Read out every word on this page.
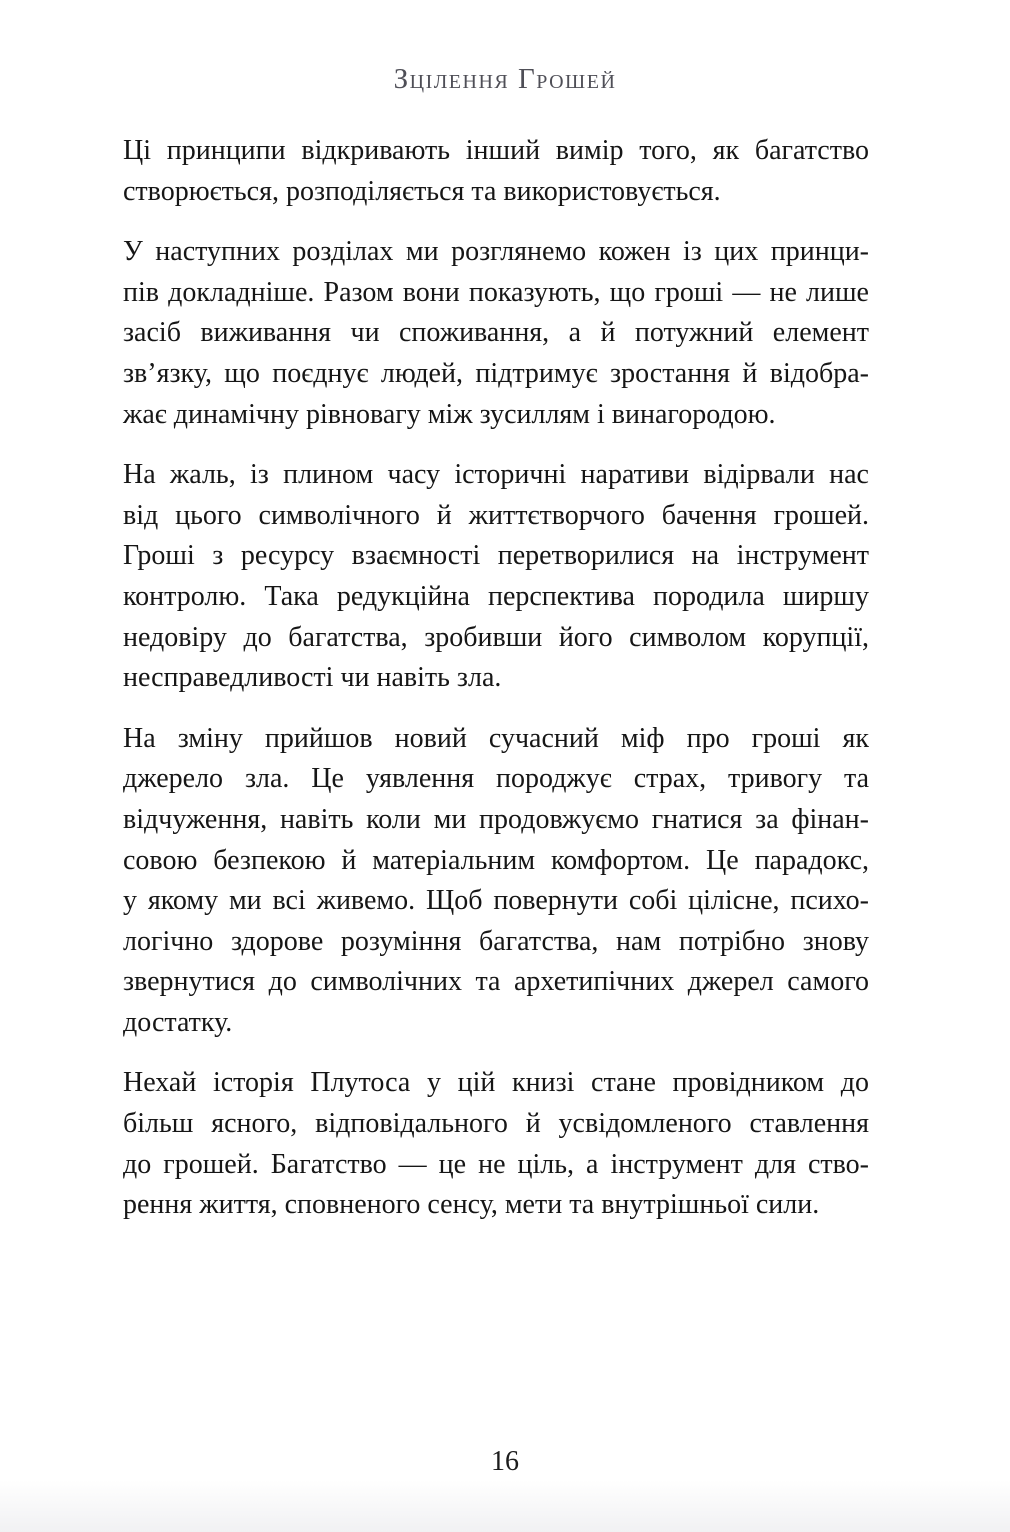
Зцілення Грошей

Ці принципи відкривають інший вимір того, як багатство
створюється, розподіляється та використовується.

У наступних розділах ми розглянемо кожен із цих принци-
пів докладніше. Разом вони показують, що гроші — не лише
засіб виживання чи споживання, а й потужний елемент
зв’язку, що поєднує людей, підтримує зростання й відобра-
жає динамічну рівновагу між зусиллям і винагородою.

На жаль, із плином часу історичні наративи відірвали нас
від цього символічного й життєтворчого бачення грошей.
Гроші з ресурсу взаємності перетворилися на інструмент
контролю. Така редукційна перспектива породила ширшу
недовіру до багатства, зробивши його символом корупції,
несправедливості чи навіть зла.

На зміну прийшов новий сучасний міф про гроші як
джерело зла. Це уявлення породжує страх, тривогу та
відчуження, навіть коли ми продовжуємо гнатися за фінан-
совою безпекою й матеріальним комфортом. Це парадокс,
у якому ми всі живемо. Щоб повернути собі цілісне, психо-
логічно здорове розуміння багатства, нам потрібно знову
звернутися до символічних та архетипічних джерел самого
достатку.

Нехай історія Плутоса у цій книзі стане провідником до
більш ясного, відповідального й усвідомленого ставлення
до грошей. Багатство — це не ціль, а інструмент для ство-
рення життя, сповненого сенсу, мети та внутрішньої сили.

16
